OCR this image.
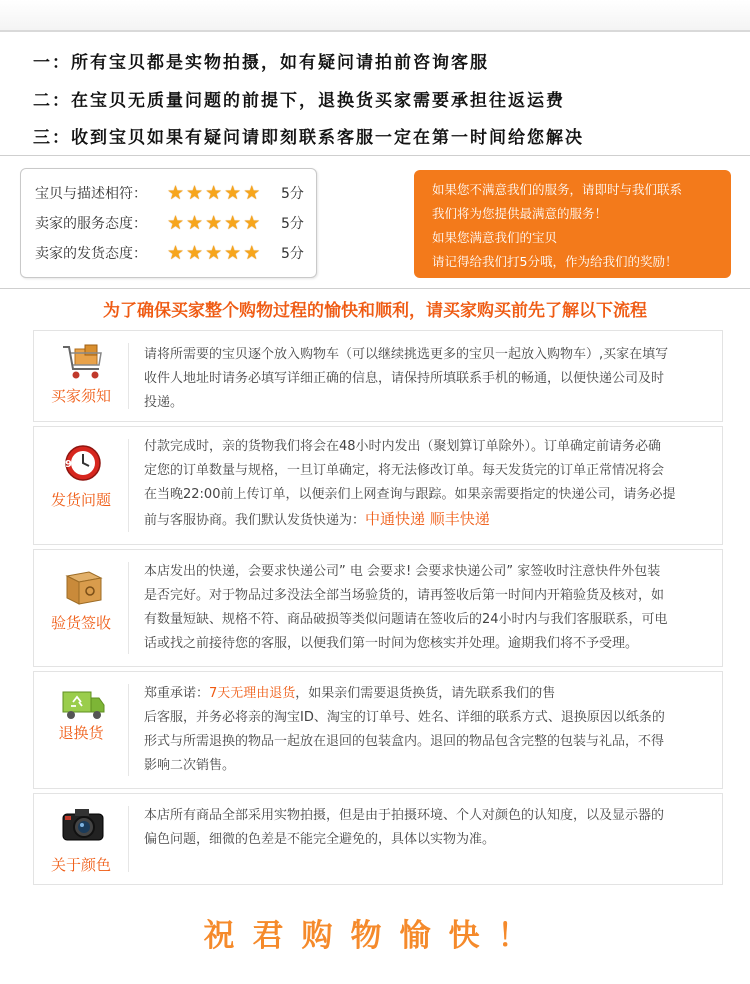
一：所有宝贝都是实物拍摄，如有疑问请拍前咨询客服
二：在宝贝无质量问题的前提下，退换货买家需要承担往返运费
三：收到宝贝如果有疑问请即刻联系客服一定在第一时间给您解决
宝贝与描述相符：	★ ★ ★ ★ ★ 5分
卖家的服务态度：	★ ★ ★ ★ ★ 5分
卖家的发货态度：	★ ★ ★ ★ ★ 5分
如果您不满意我们的服务，请即时与我们联系
我们将为您提供最满意的服务！
如果您满意我们的宝贝
请记得给我们打5分哦，作为给我们的奖励！
为了确保买家整个购物过程的愉快和顺利，请买家购买前先了解以下流程
买家须知
请将所需要的宝贝逐个放入购物车（可以继续挑选更多的宝贝一起放入购物车）,买家在填写
收件人地址时请务必填写详细正确的信息，请保持所填联系手机的畅通，以便快递公司及时
投递。
9
发货问题
付款完成时，亲的货物我们将会在48小时内发出（聚划算订单除外）。订单确定前请务必确
定您的订单数量与规格，一旦订单确定，将无法修改订单。每天发货完的订单正常情况将会
在当晚22:00前上传订单，以便亲们上网查询与跟踪。如果亲需要指定的快递公司，请务必提
前与客服协商。我们默认发货快递为：中通快递 顺丰快递
验货签收
本店发出的快递，会要求快递公司” 电 会要求! 会要求快递公司” 家签收时注意快件外包装
是否完好。对于物品过多没法全部当场验货的，请再签收后第一时间内开箱验货及核对，如
有数量短缺、规格不符、商品破损等类似问题请在签收后的24小时内与我们客服联系，可电
话或找之前接待您的客服，以便我们第一时间为您核实并处理。逾期我们将不予受理。
退换货
郑重承诺：7天无理由退货，如果亲们需要退货换货，请先联系我们的售
后客服，并务必将亲的淘宝ID、淘宝的订单号、姓名、详细的联系方式、退换原因以纸条的
形式与所需退换的物品一起放在退回的包装盒内。退回的物品包含完整的包装与礼品，不得
影响二次销售。
关于颜色
本店所有商品全部采用实物拍摄，但是由于拍摄环境、个人对颜色的认知度，以及显示器的
偏色问题，细微的色差是不能完全避免的，具体以实物为准。
祝君购物愉快！
